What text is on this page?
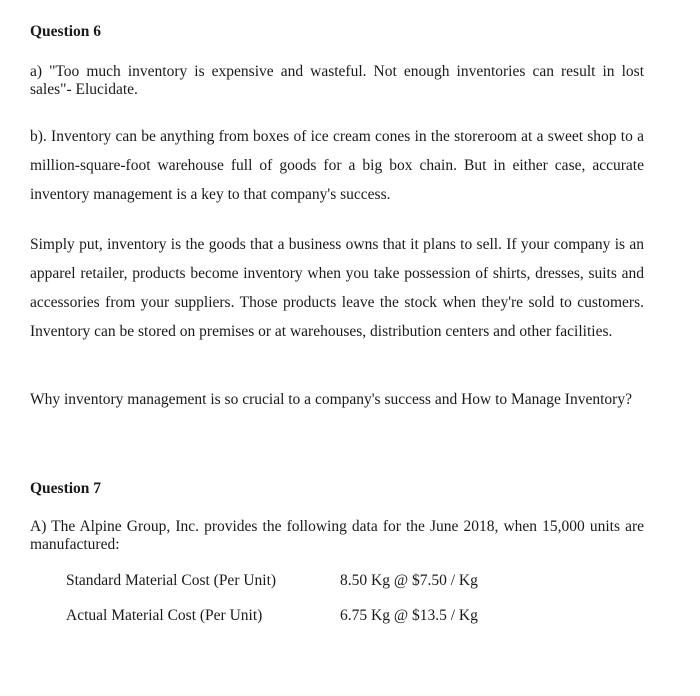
Question 6
a) "Too much inventory is expensive and wasteful. Not enough inventories can result in lost sales"- Elucidate.
b). Inventory can be anything from boxes of ice cream cones in the storeroom at a sweet shop to a million-square-foot warehouse full of goods for a big box chain. But in either case, accurate inventory management is a key to that company's success.
Simply put, inventory is the goods that a business owns that it plans to sell. If your company is an apparel retailer, products become inventory when you take possession of shirts, dresses, suits and accessories from your suppliers. Those products leave the stock when they're sold to customers. Inventory can be stored on premises or at warehouses, distribution centers and other facilities.
Why inventory management is so crucial to a company's success and How to Manage Inventory?
Question 7
A) The Alpine Group, Inc. provides the following data for the June 2018, when 15,000 units are manufactured:
Standard Material Cost (Per Unit)	8.50 Kg @ $7.50 / Kg
Actual Material Cost (Per Unit)	6.75 Kg @ $13.5 / Kg
